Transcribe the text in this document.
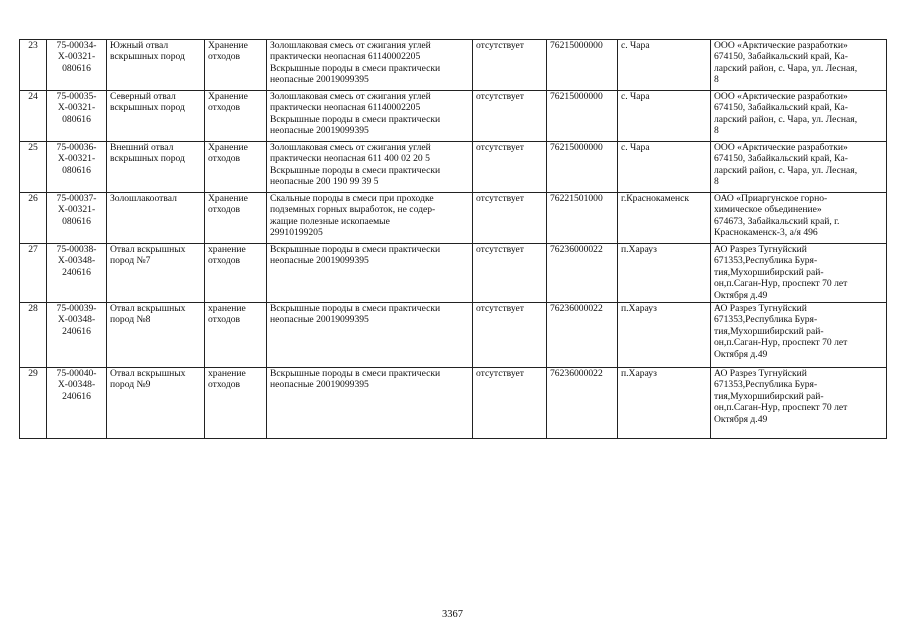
23	75-00034-
Х-00321-
080616	Южный отвал
вскрышных пород	Хранение
отходов	Золошлаковая смесь от сжигания углей
практически неопасная 61140002205
Вскрышные породы в смеси практически
неопасные 20019099395	отсутствует	76215000000	с. Чара	ООО «Арктические разработки»
674150, Забайкальский край, Ка-
ларский район, с. Чара, ул. Лесная,
8
24	75-00035-
Х-00321-
080616	Северный отвал
вскрышных пород	Хранение
отходов	Золошлаковая смесь от сжигания углей
практически неопасная 61140002205
Вскрышные породы в смеси практически
неопасные 20019099395	отсутствует	76215000000	с. Чара	ООО «Арктические разработки»
674150, Забайкальский край, Ка-
ларский район, с. Чара, ул. Лесная,
8
25	75-00036-
Х-00321-
080616	Внешний отвал
вскрышных пород	Хранение
отходов	Золошлаковая смесь от сжигания углей
практически неопасная 611 400 02 20 5
Вскрышные породы в смеси практически
неопасные 200 190 99 39 5	отсутствует	76215000000	с. Чара	ООО «Арктические разработки»
674150, Забайкальский край, Ка-
ларский район, с. Чара, ул. Лесная,
8
26	75-00037-
Х-00321-
080616	Золошлакоотвал	Хранение
отходов	Скальные породы в смеси при проходке
подземных горных выработок, не содер-
жащие полезные ископаемые
29910199205	отсутствует	76221501000	г.Краснокаменск	ОАО «Приаргунское горно-
химическое объединение»
674673, Забайкальский край, г.
Краснокаменск-3, а/я 496
27	75-00038-
Х-00348-
240616	Отвал вскрышных
пород №7	хранение
отходов	Вскрышные породы в смеси практически
неопасные 20019099395	отсутствует	76236000022	п.Харауз	АО Разрез Тугнуйский
671353,Республика Буря-
тия,Мухоршибирский рай-
он,п.Саган-Нур, проспект 70 лет
Октября д.49
28	75-00039-
Х-00348-
240616	Отвал вскрышных
пород №8	хранение
отходов	Вскрышные породы в смеси практически
неопасные 20019099395	отсутствует	76236000022	п.Харауз	АО Разрез Тугнуйский
671353,Республика Буря-
тия,Мухоршибирский рай-
он,п.Саган-Нур, проспект 70 лет
Октября д.49
29	75-00040-
Х-00348-
240616	Отвал вскрышных
пород №9	хранение
отходов	Вскрышные породы в смеси практически
неопасные 20019099395	отсутствует	76236000022	п.Харауз	АО Разрез Тугнуйский
671353,Республика Буря-
тия,Мухоршибирский рай-
он,п.Саган-Нур, проспект 70 лет
Октября д.49
3367
